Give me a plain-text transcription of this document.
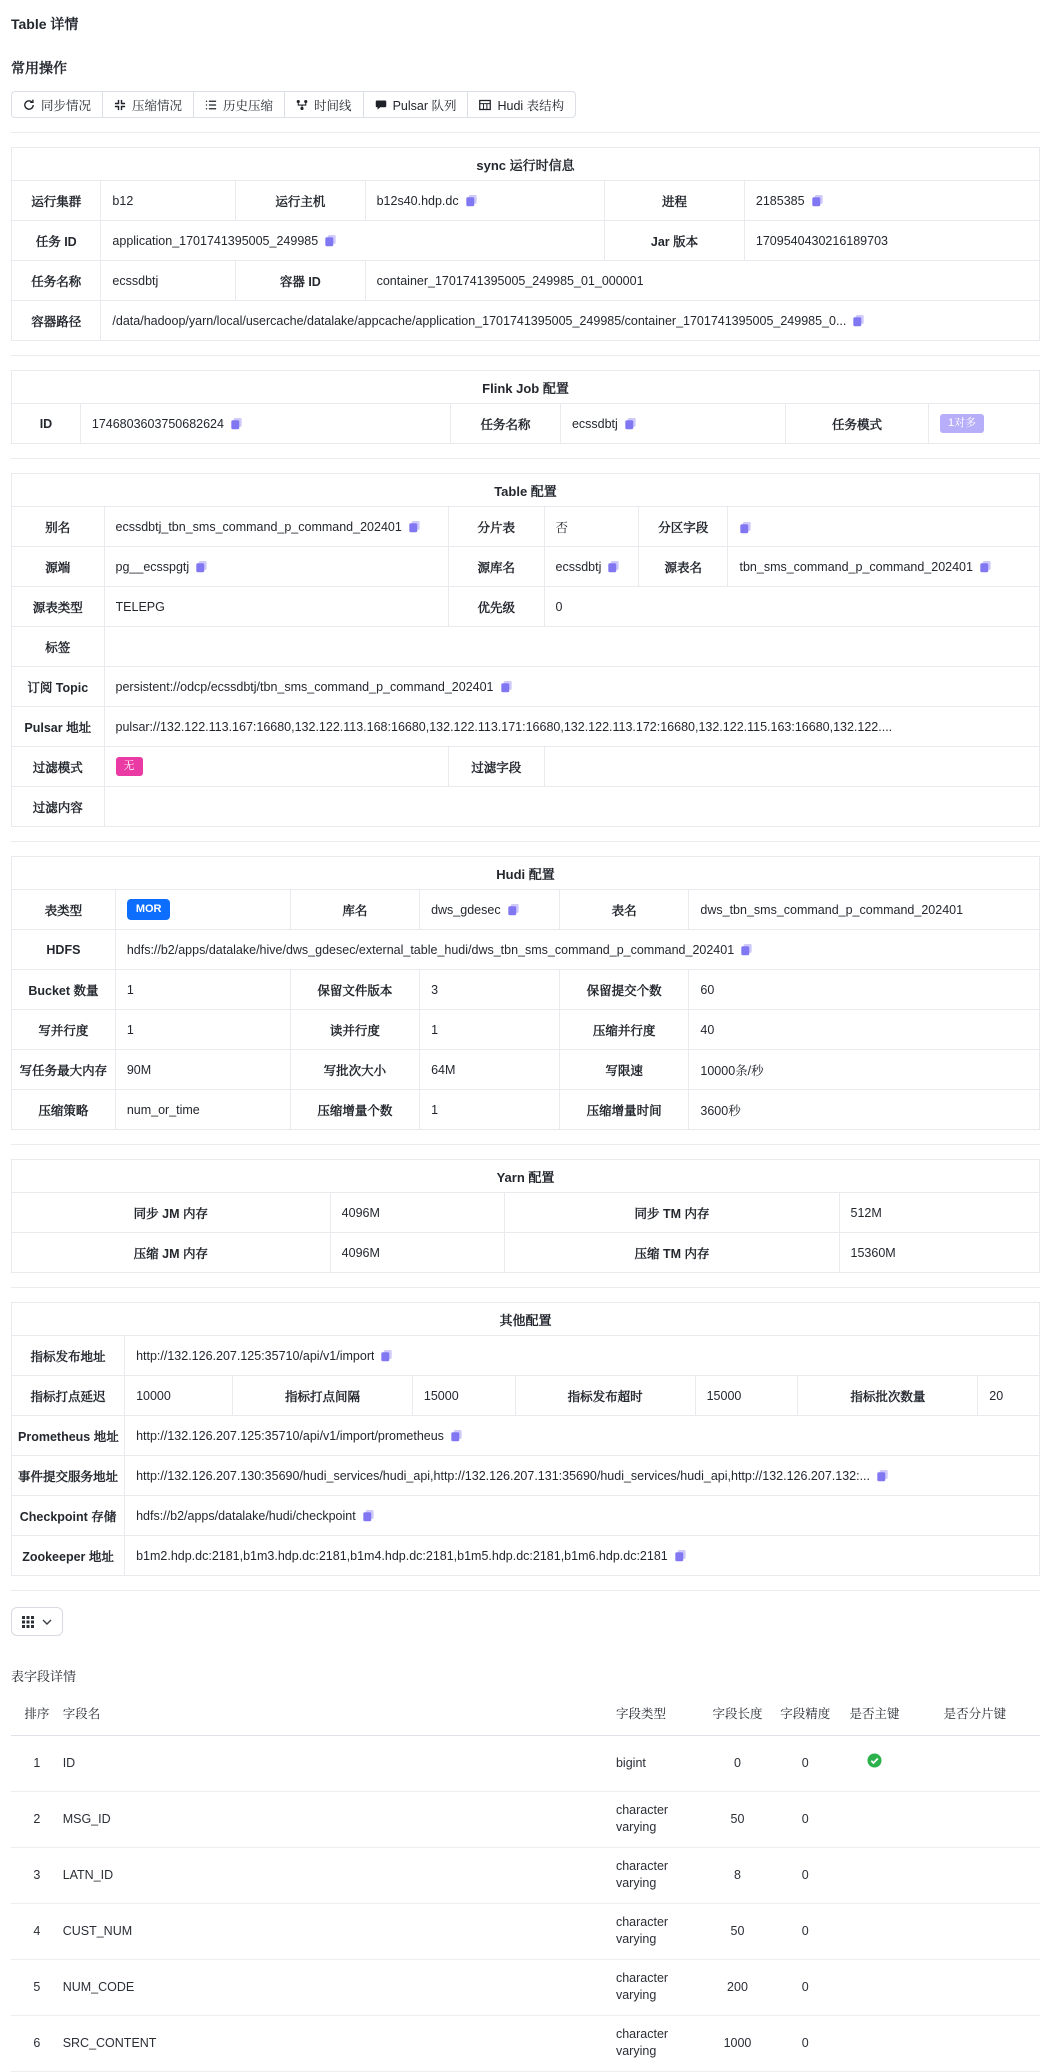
Table 详情
常用操作
同步情况	压缩情况	历史压缩	时间线	Pulsar 队列	Hudi 表结构
sync 运行时信息					
运行集群	b12	运行主机	b12s40.hdp.dc	进程	2185385

任务 ID	application_1701741395005_249985			Jar 版本	1709540430216189703

任务名称	ecssdbtj	容器 ID	container_1701741395005_249985_01_000001		

容器路径	/data/hadoop/yarn/local/usercache/datalake/appcache/application_1701741395005_249985/container_1701741395005_249985_0...				
Flink Job 配置
ID	1746803603750682624	任务名称	ecssdbtj	任务模式	1对多
Table 配置					
别名	ecssdbtj_tbn_sms_command_p_command_202401	分片表	否	分区字段	

源端	pg__ecsspgtj	源库名	ecssdbtj	源表名	tbn_sms_command_p_command_202401

源表类型	TELEPG	优先级	0		

标签					
订阅 Topic	persistent://odcp/ecssdbtj/tbn_sms_command_p_command_202401				

Pulsar 地址	pulsar://132.122.113.167:16680,132.122.113.168:16680,132.122.113.171:16680,132.122.113.172:16680,132.122.115.163:16680,132.122....				

过滤模式	无	过滤字段			
过滤内容					
Hudi 配置					
表类型	MOR	库名	dws_gdesec	表名	dws_tbn_sms_command_p_command_202401

HDFS	hdfs://b2/apps/datalake/hive/dws_gdesec/external_table_hudi/dws_tbn_sms_command_p_command_202401				

Bucket 数量	1	保留文件版本	3	保留提交个数	60

写并行度	1	读并行度	1	压缩并行度	40

写任务最大内存	90M	写批次大小	64M	写限速	10000条/秒

压缩策略	num_or_time	压缩增量个数	1	压缩增量时间	3600秒
Yarn 配置			
同步 JM 内存	4096M	同步 TM 内存	512M

压缩 JM 内存	4096M	压缩 TM 内存	15360M
其他配置							
指标发布地址	http://132.126.207.125:35710/api/v1/import						

指标打点延迟	10000	指标打点间隔	15000	指标发布超时	15000	指标批次数量	20

Prometheus 地址	http://132.126.207.125:35710/api/v1/import/prometheus						

事件提交服务地址	http://132.126.207.130:35690/hudi_services/hudi_api,http://132.126.207.131:35690/hudi_services/hudi_api,http://132.126.207.132:...						

Checkpoint 存储	hdfs://b2/apps/datalake/hudi/checkpoint						

Zookeeper 地址	b1m2.hdp.dc:2181,b1m3.hdp.dc:2181,b1m4.hdp.dc:2181,b1m5.hdp.dc:2181,b1m6.hdp.dc:2181						
表字段详情
排序	字段名	字段类型	字段长度	字段精度	是否主键	是否分片键
1	ID	bigint	0	0		
2	MSG_ID	character varying	50	0		
3	LATN_ID	character varying	8	0		
4	CUST_NUM	character varying	50	0		
5	NUM_CODE	character varying	200	0		
6	SRC_CONTENT	character varying	1000	0		
